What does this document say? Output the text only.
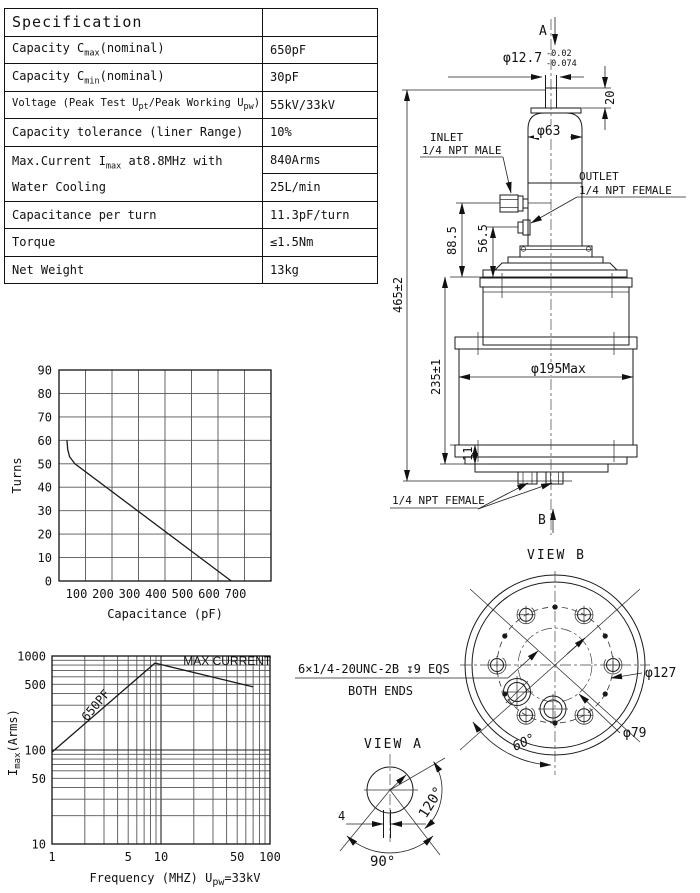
Specification	
Capacity $C_{max}(nominal)$	650pF
Capacity $C_{min}(nominal)$	30pF
Voltage (Peak Test $U_{pt}$/Peak Working $U_{pw}$)	55kV/33kV
Capacity tolerance (liner Range)	10%

Max.Current $I_{max}$ at8.8MHz with
Water Cooling	840Arms
	25L/min
Capacitance per turn	11.3pF/turn
Torque	≤1.5Nm
Net Weight	13kg
A
φ12.7 -0.02
-0.074
20
φ63
INLET
1/4 NPT MALE
OUTLET
1/4 NPT FEMALE
88.5 56.5
465±2
235±1
11
φ195Max
1/4 NPT FEMALE
B
0
10
20
30
40
50
60
70
80
90
100 200 300 400 500 600 700
Capacitance (pF)
Turns
10
50
100
500
1000
1	5 10	50 100
Frequency (MHZ) $U_{pw}=33kV$
$I_{max}(Arms)$
MAX CURRENT
650PF
VIEW B
6×1/4-20UNC-2B ↧9 EQS
BOTH ENDS
φ127
φ79
60°
VIEW A
4	120°
90°
